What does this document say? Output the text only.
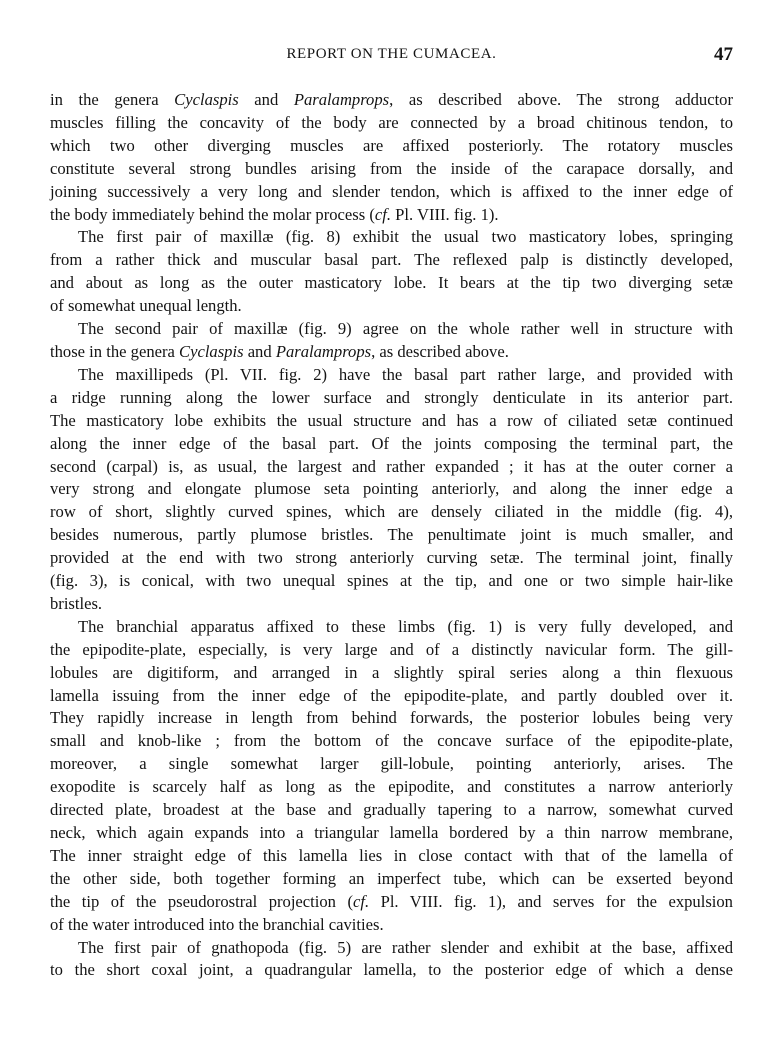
REPORT ON THE CUMACEA.	47

in the genera Cyclaspis and Paralamprops, as described above. The strong adductor
muscles filling the concavity of the body are connected by a broad chitinous tendon, to
which two other diverging muscles are affixed posteriorly. The rotatory muscles
constitute several strong bundles arising from the inside of the carapace dorsally, and
joining successively a very long and slender tendon, which is affixed to the inner edge of
the body immediately behind the molar process (cf. Pl. VIII. fig. 1).

The first pair of maxillæ (fig. 8) exhibit the usual two masticatory lobes, springing
from a rather thick and muscular basal part. The reflexed palp is distinctly developed,
and about as long as the outer masticatory lobe. It bears at the tip two diverging setæ
of somewhat unequal length.

The second pair of maxillæ (fig. 9) agree on the whole rather well in structure with
those in the genera Cyclaspis and Paralamprops, as described above.

The maxillipeds (Pl. VII. fig. 2) have the basal part rather large, and provided with
a ridge running along the lower surface and strongly denticulate in its anterior part.
The masticatory lobe exhibits the usual structure and has a row of ciliated setæ continued
along the inner edge of the basal part. Of the joints composing the terminal part, the
second (carpal) is, as usual, the largest and rather expanded ; it has at the outer corner a
very strong and elongate plumose seta pointing anteriorly, and along the inner edge a
row of short, slightly curved spines, which are densely ciliated in the middle (fig. 4),
besides numerous, partly plumose bristles. The penultimate joint is much smaller, and
provided at the end with two strong anteriorly curving setæ. The terminal joint, finally
(fig. 3), is conical, with two unequal spines at the tip, and one or two simple hair-like
bristles.

The branchial apparatus affixed to these limbs (fig. 1) is very fully developed, and
the epipodite-plate, especially, is very large and of a distinctly navicular form. The gill-
lobules are digitiform, and arranged in a slightly spiral series along a thin flexuous
lamella issuing from the inner edge of the epipodite-plate, and partly doubled over it.
They rapidly increase in length from behind forwards, the posterior lobules being very
small and knob-like ; from the bottom of the concave surface of the epipodite-plate,
moreover, a single somewhat larger gill-lobule, pointing anteriorly, arises. The
exopodite is scarcely half as long as the epipodite, and constitutes a narrow anteriorly
directed plate, broadest at the base and gradually tapering to a narrow, somewhat curved
neck, which again expands into a triangular lamella bordered by a thin narrow membrane,
The inner straight edge of this lamella lies in close contact with that of the lamella of
the other side, both together forming an imperfect tube, which can be exserted beyond
the tip of the pseudorostral projection (cf. Pl. VIII. fig. 1), and serves for the expulsion
of the water introduced into the branchial cavities.

The first pair of gnathopoda (fig. 5) are rather slender and exhibit at the base, affixed
to the short coxal joint, a quadrangular lamella, to the posterior edge of which a dense
